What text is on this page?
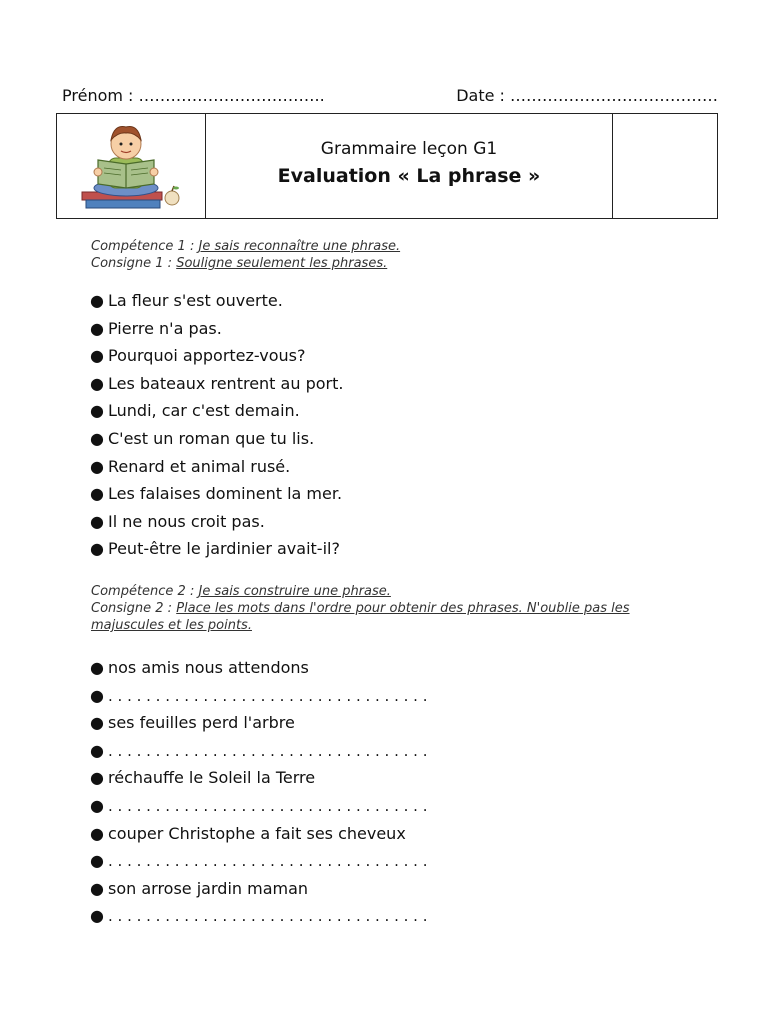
Prénom : ……………………………..	Date : …………………………………
Grammaire leçon G1
Evaluation « La phrase »
Compétence 1 : Je sais reconnaître une phrase.
Consigne 1 : Souligne seulement les phrases.
● La fleur s'est ouverte.
● Pierre n'a pas.
● Pourquoi apportez-vous?
● Les bateaux rentrent au port.
● Lundi, car c'est demain.
● C'est un roman que tu lis.
● Renard et animal rusé.
● Les falaises dominent la mer.
● Il ne nous croit pas.
● Peut-être le jardinier avait-il?
Compétence 2 : Je sais construire une phrase.
Consigne 2 : Place les mots dans l'ordre pour obtenir des phrases. N'oublie pas les
majuscules et les points.
● nos amis nous attendons
● . . . . . . . . . . . . . . . . . . . . . . . . . . . . . . . . . .
● ses feuilles perd l'arbre
● . . . . . . . . . . . . . . . . . . . . . . . . . . . . . . . . . .
● réchauffe le Soleil la Terre
● . . . . . . . . . . . . . . . . . . . . . . . . . . . . . . . . . .
● couper Christophe a fait ses cheveux
● . . . . . . . . . . . . . . . . . . . . . . . . . . . . . . . . . .
● son arrose jardin maman
● . . . . . . . . . . . . . . . . . . . . . . . . . . . . . . . . . .
